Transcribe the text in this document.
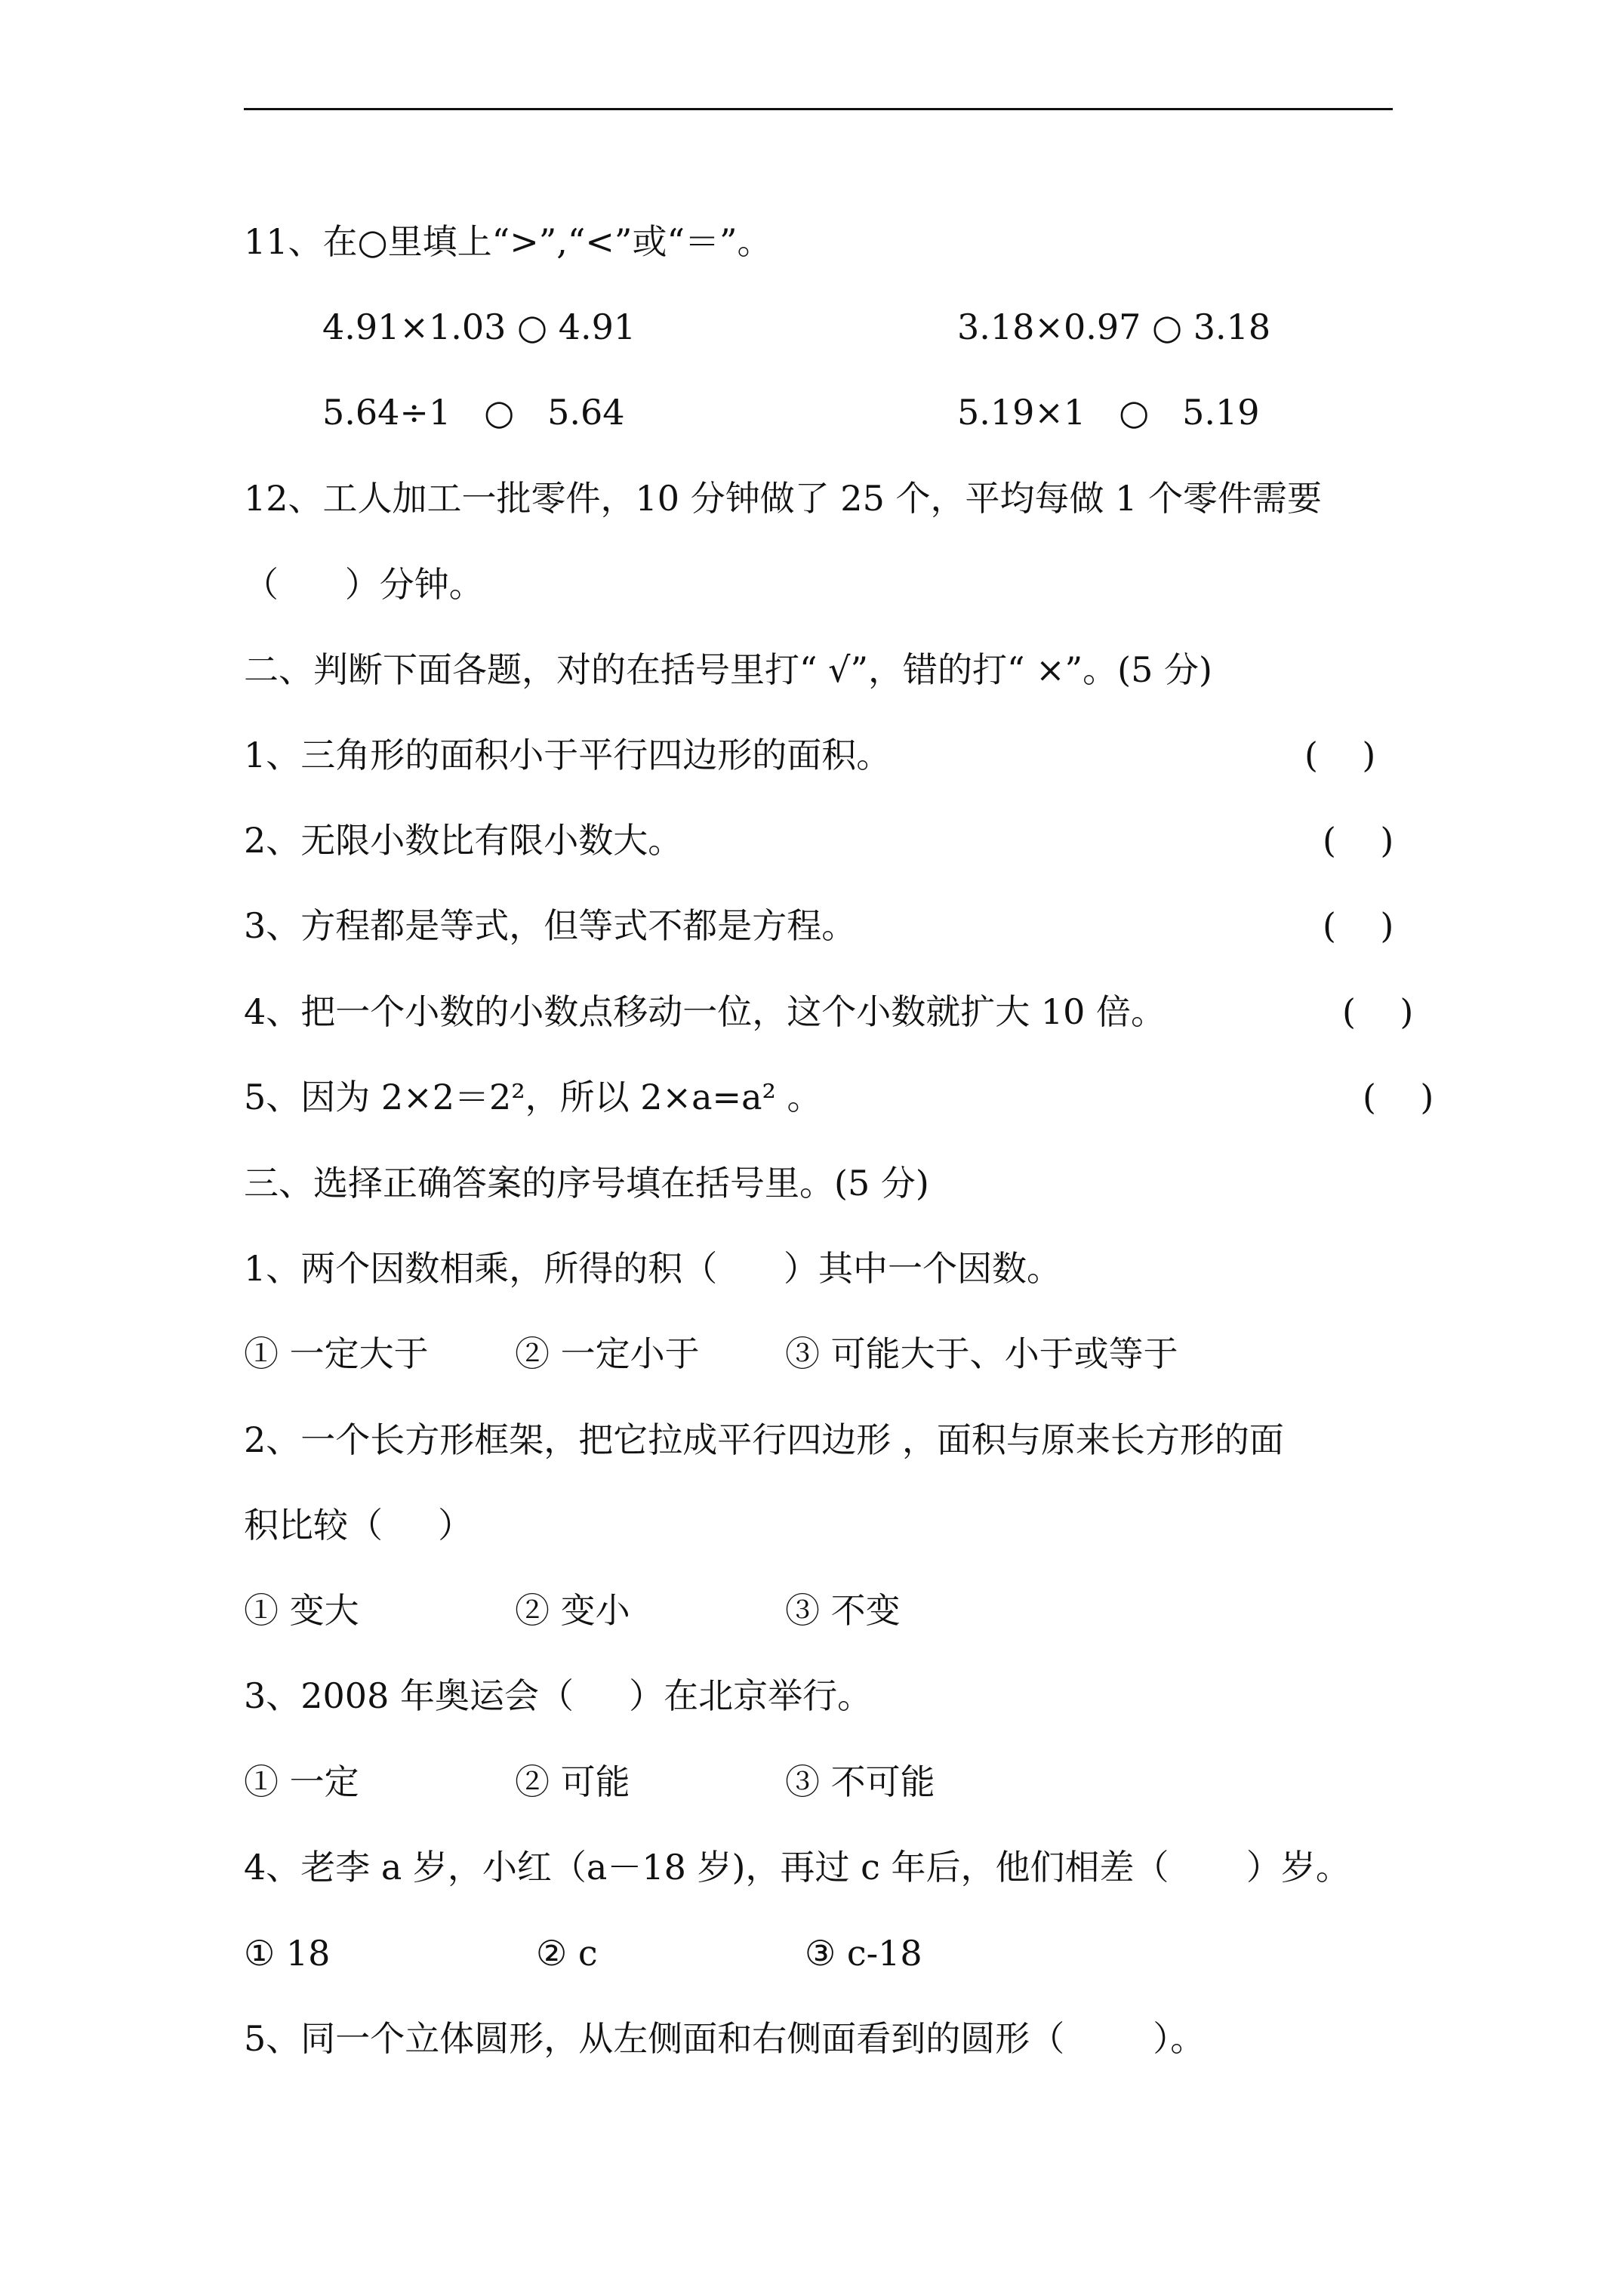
11、在○里填上“>”,“<”或“＝”。
4.91×1.03 ○ 4.91	3.18×0.97 ○ 3.18
5.64÷1   ○   5.64	5.19×1   ○   5.19
12、工人加工一批零件，10 分钟做了 25 个，平均每做 1 个零件需要
（      ）分钟。
二、判断下面各题，对的在括号里打“ √”，错的打“ ×”。(5 分)
1、三角形的面积小于平行四边形的面积。	(    )
2、无限小数比有限小数大。	(    )
3、方程都是等式，但等式不都是方程。	(    )
4、把一个小数的小数点移动一位，这个小数就扩大 10 倍。	(    )
5、因为 2×2＝2²，所以 2×a=a² 。	(    )
三、选择正确答案的序号填在括号里。(5 分)
1、两个因数相乘，所得的积（      ）其中一个因数。
① 一定大于 ② 一定小于 ③ 可能大于、小于或等于
2、一个长方形框架，把它拉成平行四边形 ，面积与原来长方形的面
积比较（     ）
① 变大	② 变小	③ 不变
3、2008 年奥运会（     ）在北京举行。
① 一定	② 可能	③ 不可能
4、老李 a 岁，小红（a－18 岁)，再过 c 年后，他们相差（       ）岁。
① 18	② c	③ c-18
5、同一个立体圆形，从左侧面和右侧面看到的圆形（        ）。
